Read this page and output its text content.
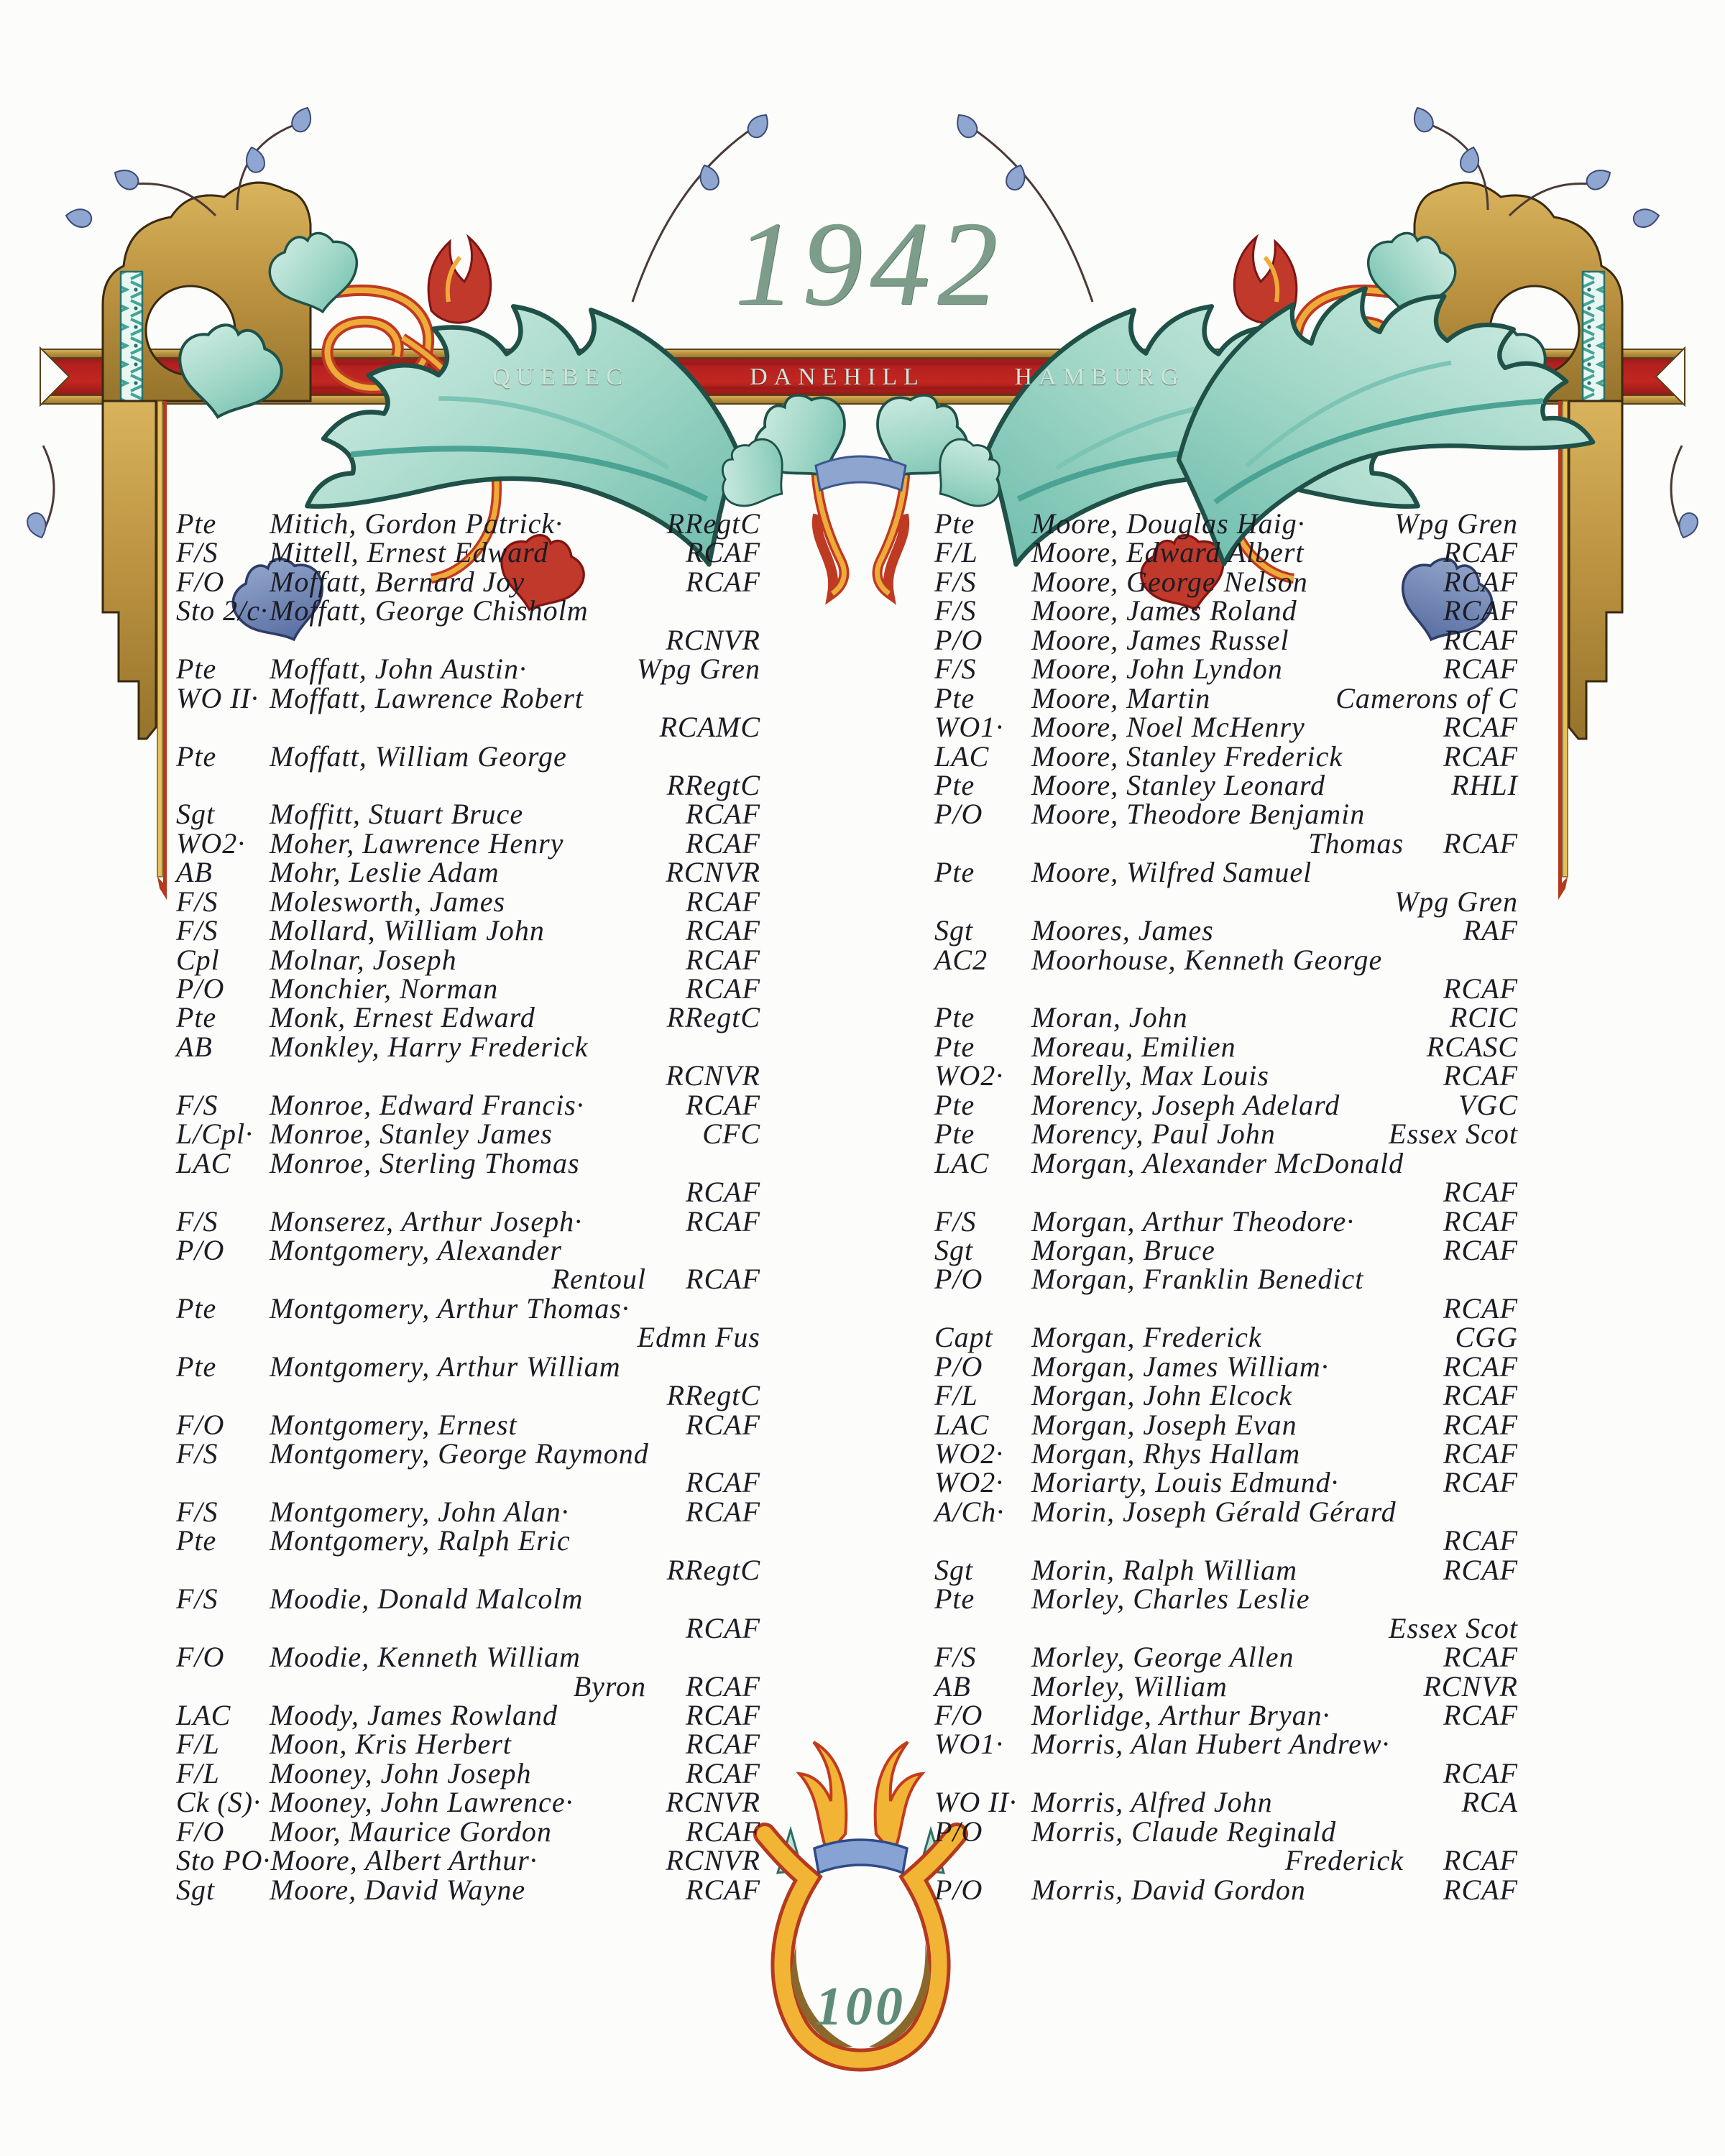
1942
QUEBEC	DANEHILL	HAMBURG
Pte	Mitich, Gordon Patrick·	RRegtC
F/S	Mittell, Ernest Edward	RCAF
F/O	Moffatt, Bernard Joy	RCAF
Sto 2/c· Moffatt, George Chisholm
RCNVR
Pte	Moffatt, John Austin·	Wpg Gren
WO II· Moffatt, Lawrence Robert
RCAMC
Pte	Moffatt, William George
RRegtC
Sgt	Moffitt, Stuart Bruce	RCAF
WO2· Moher, Lawrence Henry	RCAF
AB	Mohr, Leslie Adam	RCNVR
F/S	Molesworth, James	RCAF
F/S	Mollard, William John	RCAF
Cpl	Molnar, Joseph	RCAF
P/O	Monchier, Norman	RCAF
Pte	Monk, Ernest Edward	RRegtC
AB	Monkley, Harry Frederick
RCNVR
F/S	Monroe, Edward Francis·	RCAF
L/Cpl· Monroe, Stanley James	CFC
LAC	Monroe, Sterling Thomas
RCAF
F/S	Monserez, Arthur Joseph·	RCAF
P/O	Montgomery, Alexander
Rentoul	RCAF
Pte	Montgomery, Arthur Thomas·
Edmn Fus
Pte	Montgomery, Arthur William
RRegtC
F/O	Montgomery, Ernest	RCAF
F/S	Montgomery, George Raymond
RCAF
F/S	Montgomery, John Alan·	RCAF
Pte	Montgomery, Ralph Eric
RRegtC
F/S	Moodie, Donald Malcolm
RCAF
F/O	Moodie, Kenneth William
Byron	RCAF
LAC	Moody, James Rowland	RCAF
F/L	Moon, Kris Herbert	RCAF
F/L	Mooney, John Joseph	RCAF
Ck (S)· Mooney, John Lawrence·	RCNVR
F/O	Moor, Maurice Gordon	RCAF
Sto PO· Moore, Albert Arthur·	RCNVR
Sgt	Moore, David Wayne	RCAF
Pte	Moore, Douglas Haig·	Wpg Gren
F/L	Moore, Edward Albert	RCAF
F/S	Moore, George Nelson	RCAF
F/S	Moore, James Roland	RCAF
P/O	Moore, James Russel	RCAF
F/S	Moore, John Lyndon	RCAF
Pte	Moore, Martin	Camerons of C
WO1· Moore, Noel McHenry	RCAF
LAC	Moore, Stanley Frederick	RCAF
Pte	Moore, Stanley Leonard	RHLI
P/O	Moore, Theodore Benjamin
Thomas	RCAF
Pte	Moore, Wilfred Samuel
Wpg Gren
Sgt	Moores, James	RAF
AC2	Moorhouse, Kenneth George
RCAF
Pte	Moran, John	RCIC
Pte	Moreau, Emilien	RCASC
WO2· Morelly, Max Louis	RCAF
Pte	Morency, Joseph Adelard	VGC
Pte	Morency, Paul John	Essex Scot
LAC	Morgan, Alexander McDonald
RCAF
F/S	Morgan, Arthur Theodore·	RCAF
Sgt	Morgan, Bruce	RCAF
P/O	Morgan, Franklin Benedict
RCAF
Capt	Morgan, Frederick	CGG
P/O	Morgan, James William·	RCAF
F/L	Morgan, John Elcock	RCAF
LAC	Morgan, Joseph Evan	RCAF
WO2· Morgan, Rhys Hallam	RCAF
WO2· Moriarty, Louis Edmund·	RCAF
A/Ch· Morin, Joseph Gérald Gérard
RCAF
Sgt	Morin, Ralph William	RCAF
Pte	Morley, Charles Leslie
Essex Scot
F/S	Morley, George Allen	RCAF
AB	Morley, William	RCNVR
F/O	Morlidge, Arthur Bryan·	RCAF
WO1· Morris, Alan Hubert Andrew·
RCAF
WO II· Morris, Alfred John	RCA
P/O	Morris, Claude Reginald
Frederick	RCAF
P/O	Morris, David Gordon	RCAF
100
